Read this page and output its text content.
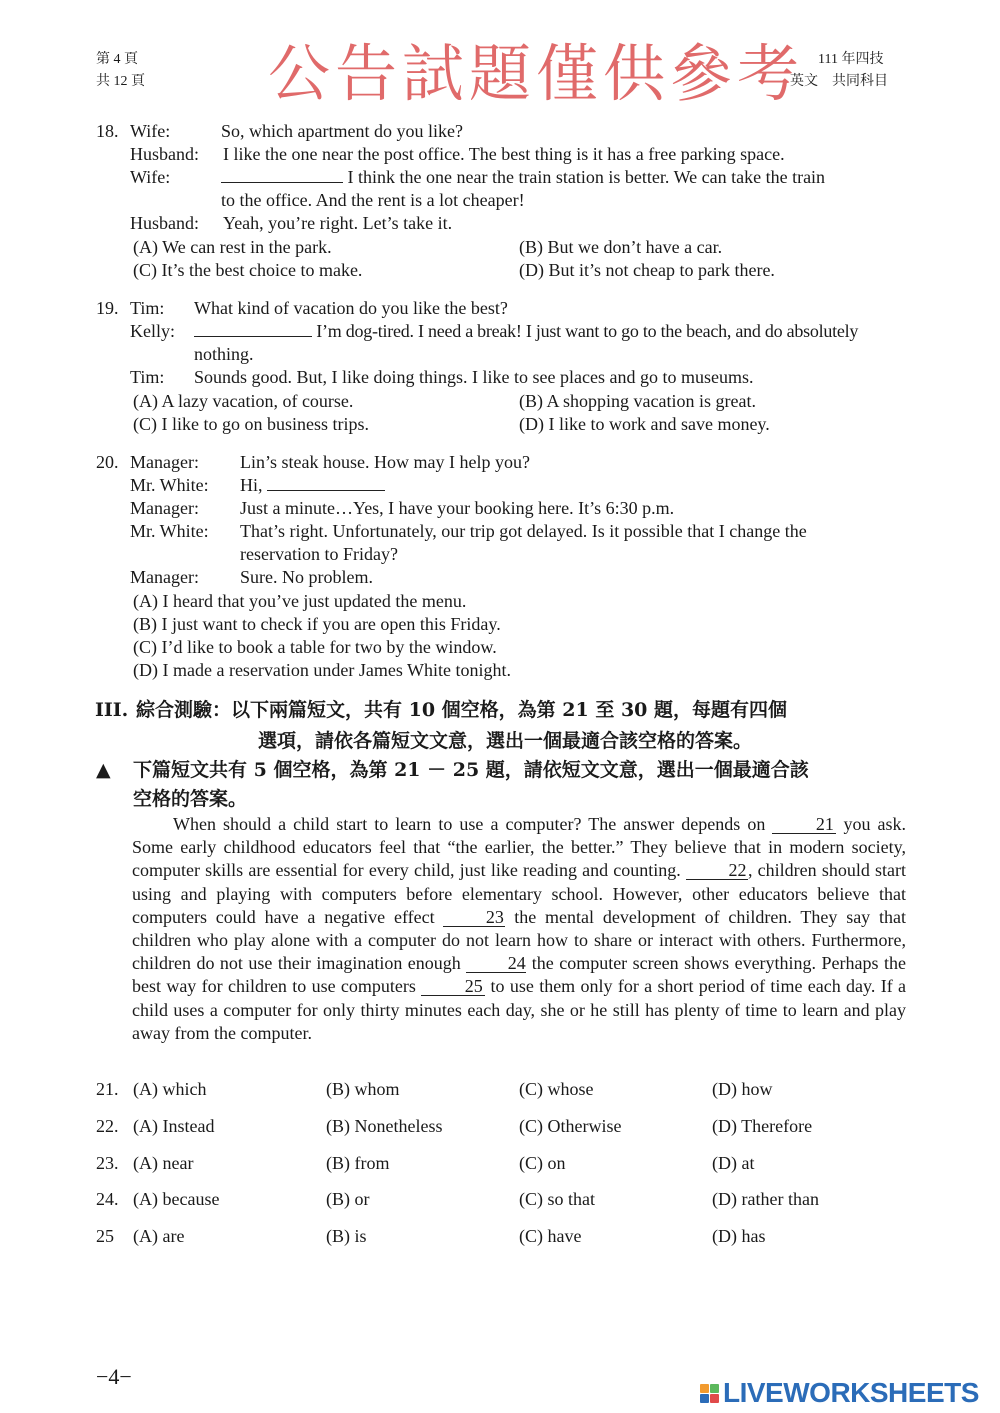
第 4 頁
共 12 頁 公告試題僅供參考 111 年四技
英文　共同科目
18. Wife:	So, which apartment do you like?
Husband: I like the one near the post office. The best thing is it has a free parking space.
Wife:	I think the one near the train station is better. We can take the train
to the office. And the rent is a lot cheaper!
Husband: Yeah, you’re right. Let’s take it.
(A) We can rest in the park.	(B) But we don’t have a car.
(C) It’s the best choice to make.	(D) But it’s not cheap to park there.
19. Tim: What kind of vacation do you like the best?
Kelly:	I’m dog-tired. I need a break! I just want to go to the beach, and do absolutely
nothing.
Tim: Sounds good. But, I like doing things. I like to see places and go to museums.
(A) A lazy vacation, of course.	(B) A shopping vacation is great.
(C) I like to go on business trips.	(D) I like to work and save money.
20. Manager: Lin’s steak house. How may I help you?
Mr. White: Hi,
Manager: Just a minute…Yes, I have your booking here. It’s 6:30 p.m.
Mr. White: That’s right. Unfortunately, our trip got delayed. Is it possible that I change the
reservation to Friday?
Manager: Sure. No problem.
(A) I heard that you’ve just updated the menu.
(B) I just want to check if you are open this Friday.
(C) I’d like to book a table for two by the window.
(D) I made a reservation under James White tonight.
III. 綜合測驗：以下兩篇短文，共有 10 個空格，為第 21 至 30 題，每題有四個
選項，請依各篇短文文意，選出一個最適合該空格的答案。
▲ 下篇短文共有 5 個空格，為第 21 － 25 題，請依短文文意，選出一個最適合該
空格的答案。
When should a child start to learn to use a computer? The answer depends on 21 you ask. Some early childhood educators feel that “the earlier, the better.” They believe that in modern society, computer skills are essential for every child, just like reading and counting. 22, children should start using and playing with computers before elementary school. However, other educators believe that computers could have a negative effect 23 the mental development of children. They say that children who play alone with a computer do not learn how to share or interact with others. Furthermore, children do not use their imagination enough 24 the computer screen shows everything. Perhaps the best way for children to use computers 25 to use them only for a short period of time each day. If a child uses a computer for only thirty minutes each day, she or he still has plenty of time to learn and play away from the computer.
21. (A) which	(B) whom	(C) whose	(D) how
22. (A) Instead	(B) Nonetheless	(C) Otherwise	(D) Therefore
23. (A) near	(B) from	(C) on	(D) at
24. (A) because	(B) or	(C) so that	(D) rather than
25 (A) are	(B) is	(C) have	(D) has
−4−
LIVEWORKSHEETS
